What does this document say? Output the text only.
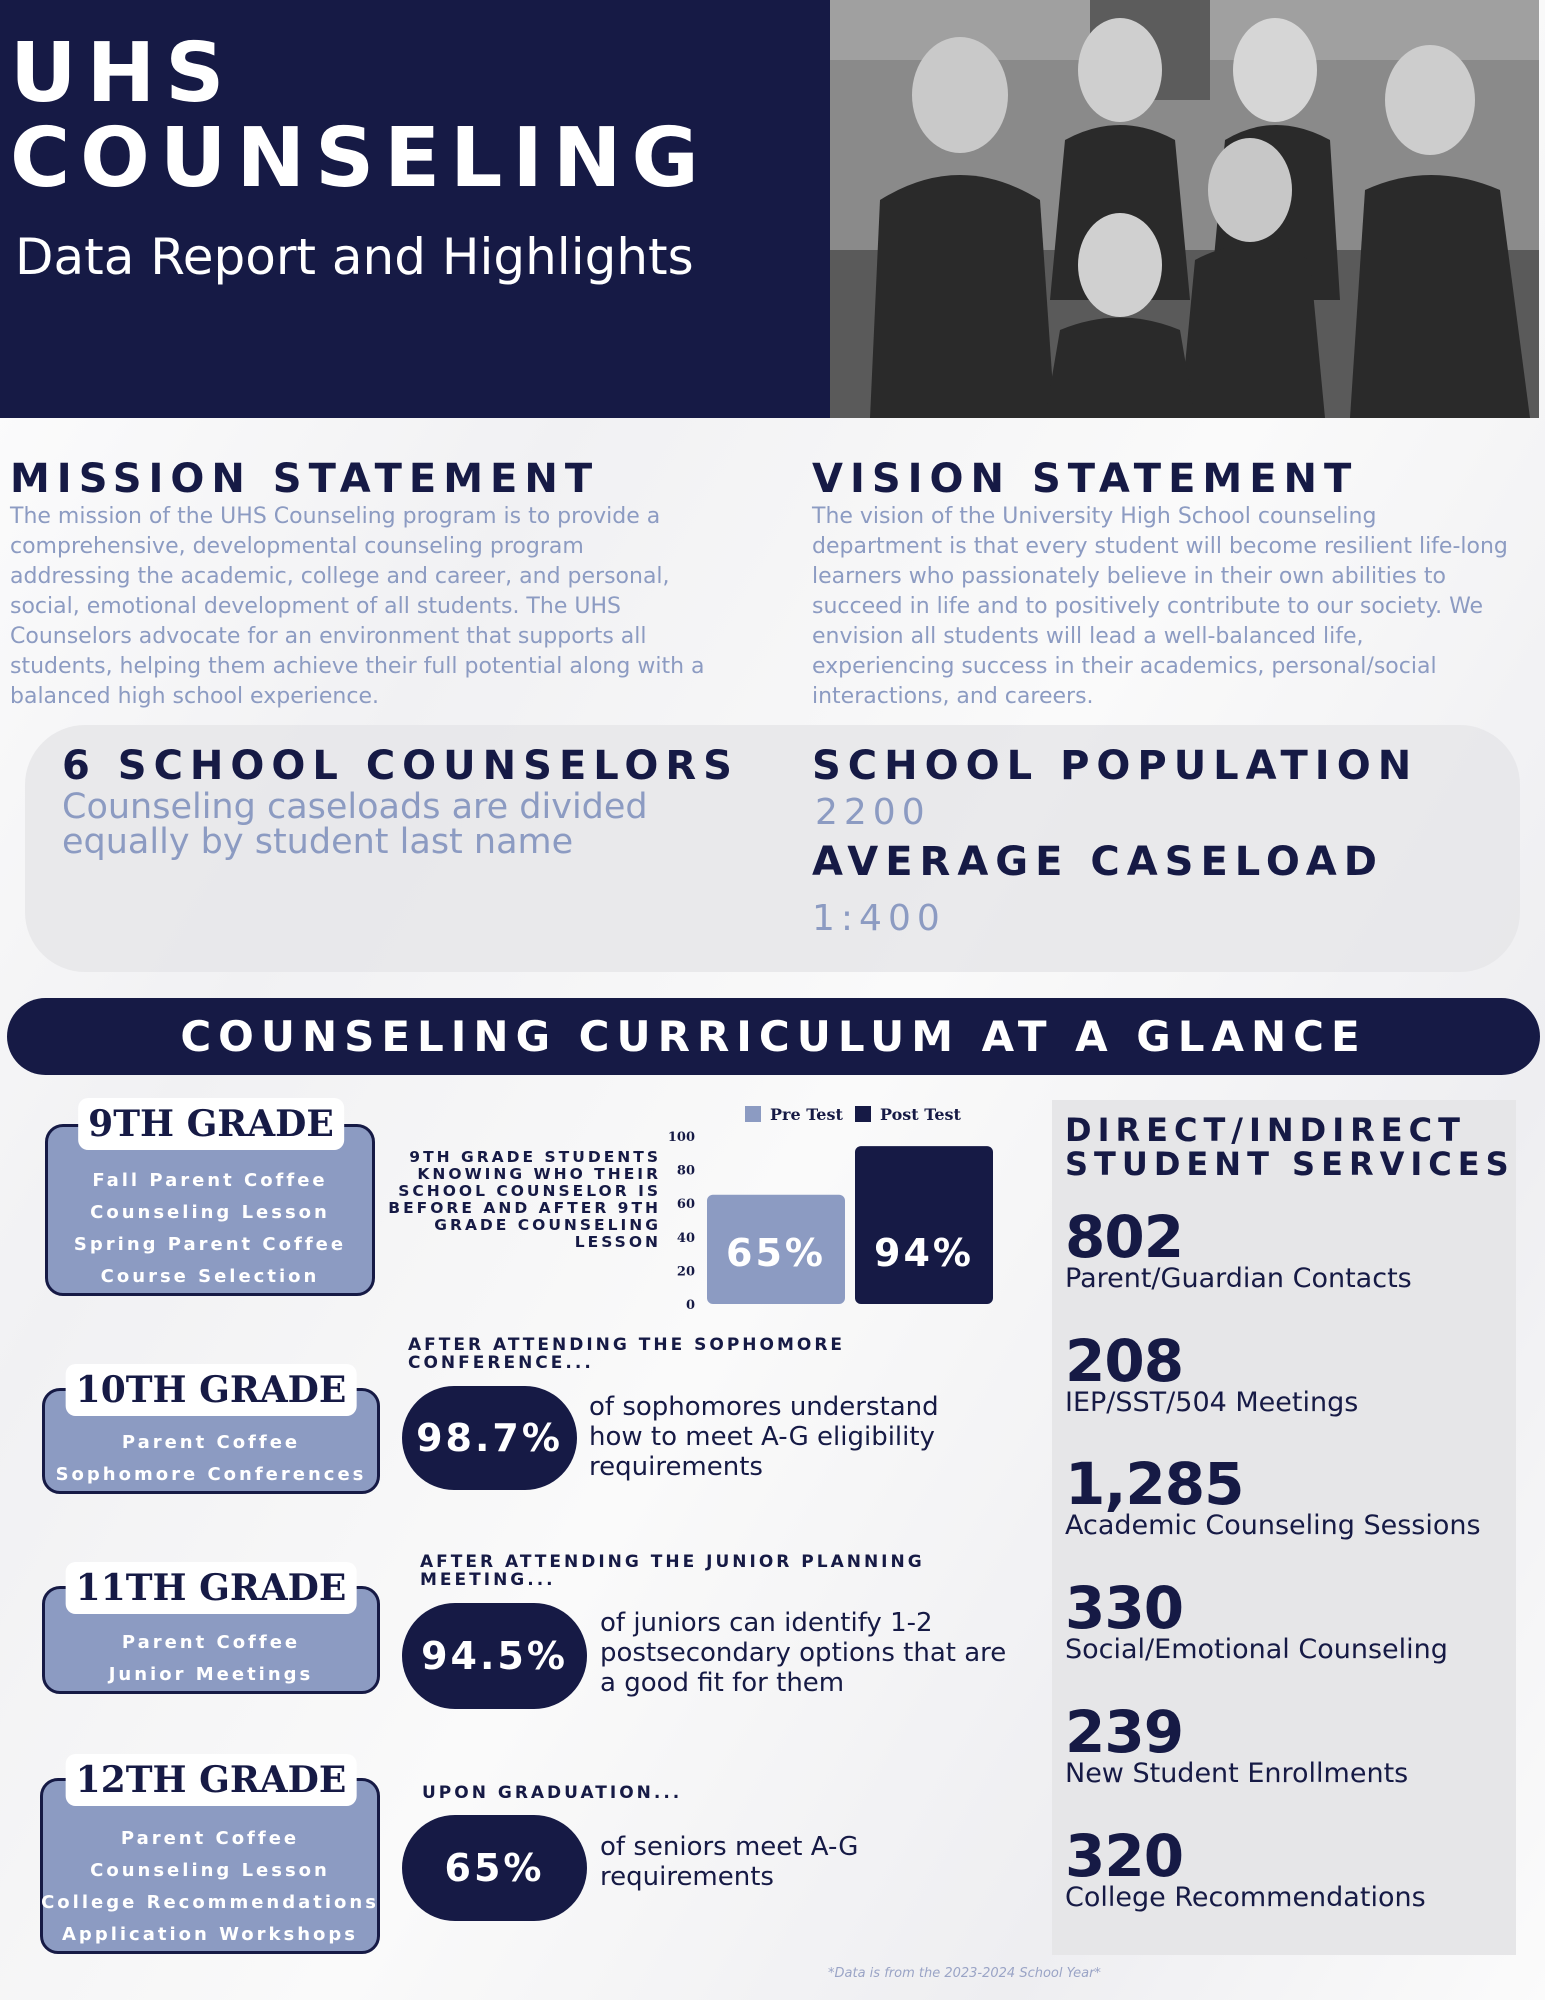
UHS
COUNSELING
Data Report and Highlights
MISSION STATEMENT
The mission of the UHS Counseling program is to provide a comprehensive, developmental counseling program addressing the academic, college and career, and personal, social, emotional development of all students. The UHS Counselors advocate for an environment that supports all students, helping them achieve their full potential along with a balanced high school experience.
VISION STATEMENT
The vision of the University High School counseling department is that every student will become resilient life-long learners who passionately believe in their own abilities to succeed in life and to positively contribute to our society. We envision all students will lead a well-balanced life, experiencing success in their academics, personal/social interactions, and careers.
6 SCHOOL COUNSELORS
Counseling caseloads are divided equally by student last name
SCHOOL POPULATION
2200
AVERAGE CASELOAD
1:400
COUNSELING CURRICULUM AT A GLANCE
Fall Parent Coffee
Counseling Lesson
Spring Parent Coffee
Course Selection
9TH GRADE
Parent Coffee
Sophomore Conferences
10TH GRADE
Parent Coffee
Junior Meetings
11TH GRADE
Parent Coffee
Counseling Lesson
College Recommendations
Application Workshops
12TH GRADE
9TH GRADE STUDENTS KNOWING WHO THEIR SCHOOL COUNSELOR IS BEFORE AND AFTER 9TH GRADE COUNSELING LESSON
Pre Test Post Test
0
20
40
60
80
100
65% 94%
AFTER ATTENDING THE SOPHOMORE CONFERENCE...
98.7%
of sophomores understand how to meet A-G eligibility requirements
AFTER ATTENDING THE JUNIOR PLANNING MEETING...
94.5%
of juniors can identify 1-2 postsecondary options that are a good fit for them
UPON GRADUATION...
65%	of seniors meet A-G requirements
DIRECT/INDIRECT
STUDENT SERVICES
802
Parent/Guardian Contacts
208
IEP/SST/504 Meetings
1,285
Academic Counseling Sessions
330
Social/Emotional Counseling
239
New Student Enrollments
320
College Recommendations
*Data is from the 2023-2024 School Year*
